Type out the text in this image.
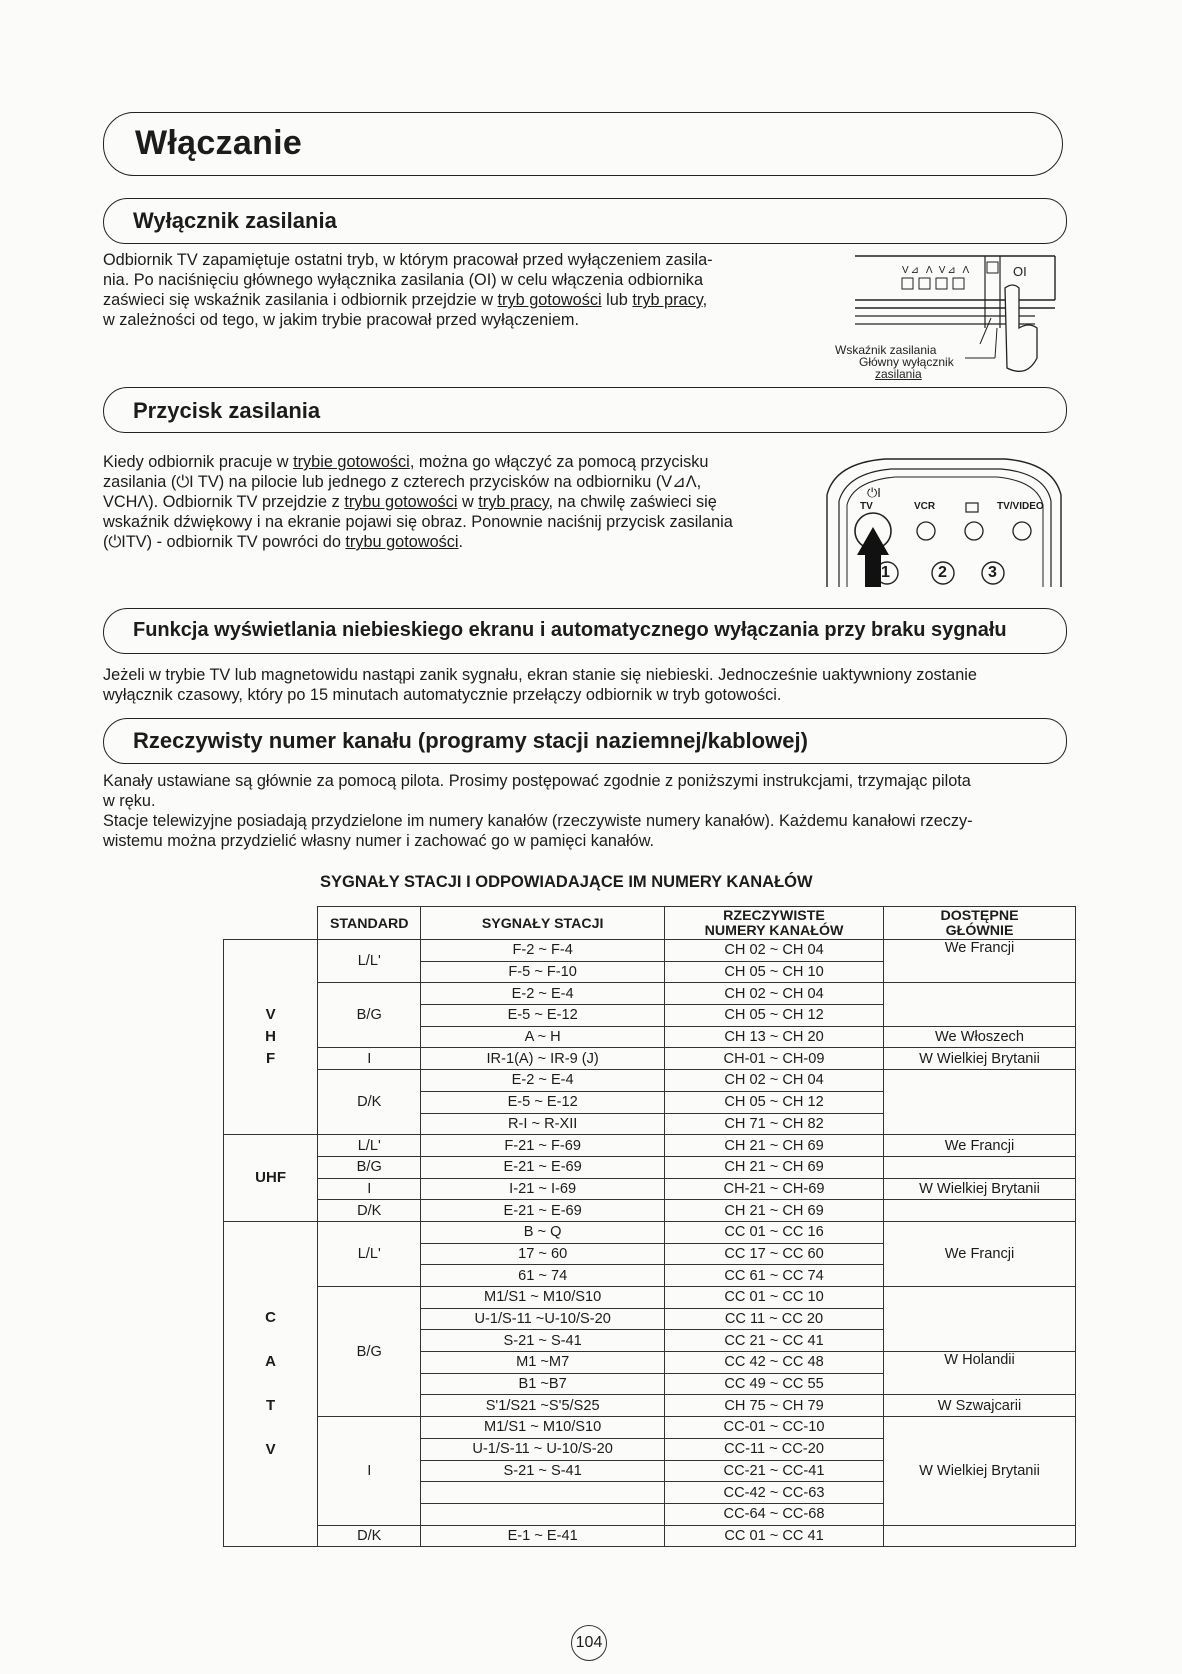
Włączanie
Wyłącznik zasilania

Odbiornik TV zapamiętuje ostatni tryb, w którym pracował przed wyłączeniem zasila-

nia. Po naciśnięciu głównego wyłącznika zasilania (OI) w celu włączenia odbiornika

zaświeci się wskaźnik zasilania i odbiornik przejdzie w tryb gotowości lub tryb pracy,

w zależności od tego, w jakim trybie pracował przed wyłączeniem.

V⊿ Λ V⊿ Λ	OI
Wskaźnik zasilania
Główny wyłącznik
zasilania
Przycisk zasilania

Kiedy odbiornik pracuje w trybie gotowości, można go włączyć za pomocą przycisku

zasilania (⏻I TV) na pilocie lub jednego z czterech przycisków na odbiorniku (V⊿Λ,

VCHΛ). Odbiornik TV przejdzie z trybu gotowości w tryb pracy, na chwilę zaświeci się

wskaźnik dźwiękowy i na ekranie pojawi się obraz. Ponownie naciśnij przycisk zasilania

(⏻ITV) - odbiornik TV powróci do trybu gotowości.

⏻I
TV	VCR	TV/VIDEO
1	2	3
Funkcja wyświetlania niebieskiego ekranu i automatycznego wyłączania przy braku sygnału

Jeżeli w trybie TV lub magnetowidu nastąpi zanik sygnału, ekran stanie się niebieski. Jednocześnie uaktywniony zostanie

wyłącznik czasowy, który po 15 minutach automatycznie przełączy odbiornik w tryb gotowości.

Rzeczywisty numer kanału (programy stacji naziemnej/kablowej)

Kanały ustawiane są głównie za pomocą pilota. Prosimy postępować zgodnie z poniższymi instrukcjami, trzymając pilota

w ręku.

Stacje telewizyjne posiadają przydzielone im numery kanałów (rzeczywiste numery kanałów). Każdemu kanałowi rzeczy-

wistemu można przydzielić własny numer i zachować go w pamięci kanałów.

SYGNAŁY STACJI I ODPOWIADAJĄCE IM NUMERY KANAŁÓW
	STANDARD	SYGNAŁY STACJI	RZECZYWISTE
NUMERY KANAŁÓW	DOSTĘPNE
GŁÓWNIE
V
H
F	L/L'	F-2 ~ F-4	CH 02 ~ CH 04	We Francji
		F-5 ~ F-10	CH 05 ~ CH 10	
	B/G	E-2 ~ E-4	CH 02 ~ CH 04	
		E-5 ~ E-12	CH 05 ~ CH 12	
		A ~ H	CH 13 ~ CH 20	We Włoszech
	I	IR-1(A) ~ IR-9 (J)	CH-01 ~ CH-09	W Wielkiej Brytanii
	D/K	E-2 ~ E-4	CH 02 ~ CH 04	
		E-5 ~ E-12	CH 05 ~ CH 12	
		R-I ~ R-XII	CH 71 ~ CH 82	
UHF	L/L'	F-21 ~ F-69	CH 21 ~ CH 69	We Francji
	B/G	E-21 ~ E-69	CH 21 ~ CH 69	
	I	I-21 ~ I-69	CH-21 ~ CH-69	W Wielkiej Brytanii
	D/K	E-21 ~ E-69	CH 21 ~ CH 69	
C
A
T
V	L/L'	B ~ Q	CC 01 ~ CC 16	We Francji
		17 ~ 60	CC 17 ~ CC 60	
		61 ~ 74	CC 61 ~ CC 74	
	B/G	M1/S1 ~ M10/S10	CC 01 ~ CC 10	
		U-1/S-11 ~U-10/S-20	CC 11 ~ CC 20	
		S-21 ~ S-41	CC 21 ~ CC 41	
		M1 ~M7	CC 42 ~ CC 48	W Holandii
		B1 ~B7	CC 49 ~ CC 55	
		S'1/S21 ~S'5/S25	CH 75 ~ CH 79	W Szwajcarii
	I	M1/S1 ~ M10/S10	CC-01 ~ CC-10	W Wielkiej Brytanii
		U-1/S-11 ~ U-10/S-20	CC-11 ~ CC-20	
		S-21 ~ S-41	CC-21 ~ CC-41	
			CC-42 ~ CC-63	
			CC-64 ~ CC-68	
	D/K	E-1 ~ E-41	CC 01 ~ CC 41	
104
